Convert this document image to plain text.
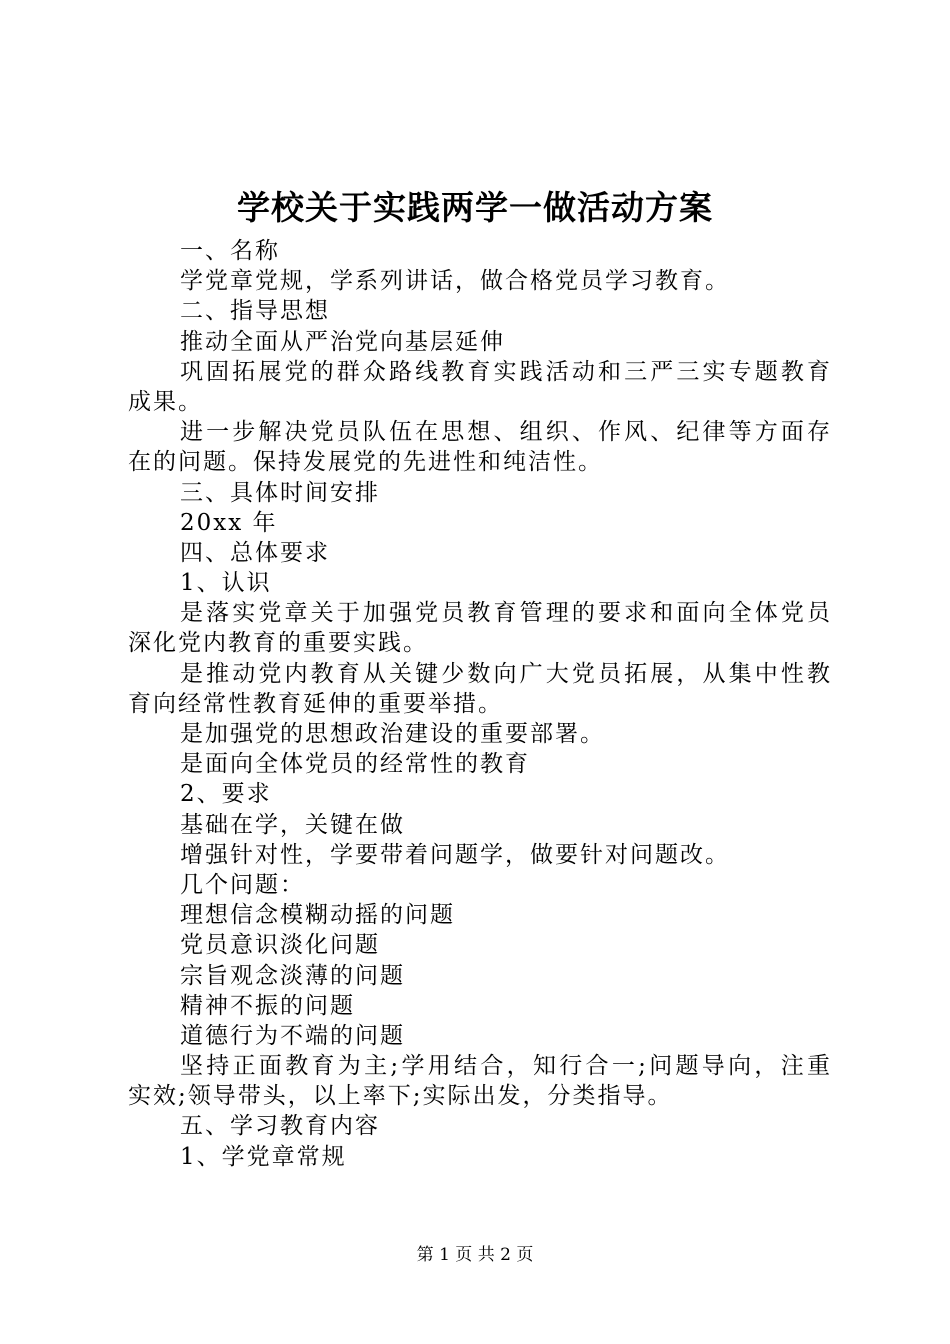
学校关于实践两学一做活动方案
一、名称
学党章党规，学系列讲话，做合格党员学习教育。
二、指导思想
推动全面从严治党向基层延伸
巩固拓展党的群众路线教育实践活动和三严三实专题教育
成果。
进一步解决党员队伍在思想、组织、作风、纪律等方面存
在的问题。保持发展党的先进性和纯洁性。
三、具体时间安排
20xx 年
四、总体要求
1、认识
是落实党章关于加强党员教育管理的要求和面向全体党员
深化党内教育的重要实践。
是推动党内教育从关键少数向广大党员拓展，从集中性教
育向经常性教育延伸的重要举措。
是加强党的思想政治建设的重要部署。
是面向全体党员的经常性的教育
2、要求
基础在学，关键在做
增强针对性，学要带着问题学，做要针对问题改。
几个问题：
理想信念模糊动摇的问题
党员意识淡化问题
宗旨观念淡薄的问题
精神不振的问题
道德行为不端的问题
坚持正面教育为主;学用结合，知行合一;问题导向，注重
实效;领导带头，以上率下;实际出发，分类指导。
五、学习教育内容
1、学党章常规
第 1 页 共 2 页
